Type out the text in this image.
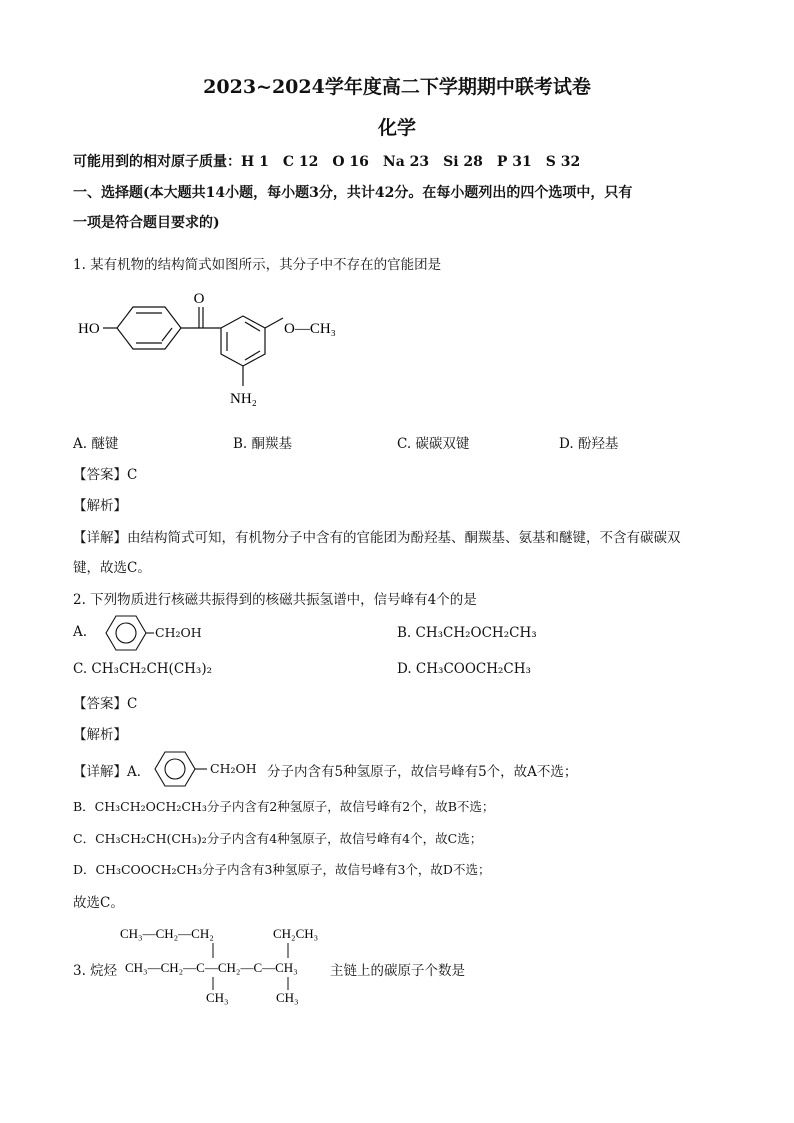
2023~2024学年度高二下学期期中联考试卷
化学
可能用到的相对原子质量：H 1　C 12　O 16　Na 23　Si 28　P 31　S 32
一、选择题(本大题共14小题，每小题3分，共计42分。在每小题列出的四个选项中，只有
一项是符合题目要求的)
1. 某有机物的结构简式如图所示，其分子中不存在的官能团是
O
HO	O—CH₃
NH₂
A. 醚键	B. 酮羰基	C. 碳碳双键	D. 酚羟基
【答案】C
【解析】
【详解】由结构简式可知，有机物分子中含有的官能团为酚羟基、酮羰基、氨基和醚键，不含有碳碳双
键，故选C。
2. 下列物质进行核磁共振得到的核磁共振氢谱中，信号峰有4个的是
A.	CH₂OH	B. CH₃CH₂OCH₂CH₃
C. CH₃CH₂CH(CH₃)₂	D. CH₃COOCH₂CH₃
【答案】C
【解析】
【详解】A．	CH₂OH 分子内含有5种氢原子，故信号峰有5个，故A不选；
B．CH₃CH₂OCH₂CH₃分子内含有2种氢原子，故信号峰有2个，故B不选；
C．CH₃CH₂CH(CH₃)₂分子内含有4种氢原子，故信号峰有4个，故C选；
D．CH₃COOCH₂CH₃分子内含有3种氢原子，故信号峰有3个，故D不选；
故选C。
3. 烷烃
CH₃—CH₂—CH₂	CH₂CH₃
CH₃—CH₂—C—CH₂—C—CH₃
CH₃	CH₃
主链上的碳原子个数是
